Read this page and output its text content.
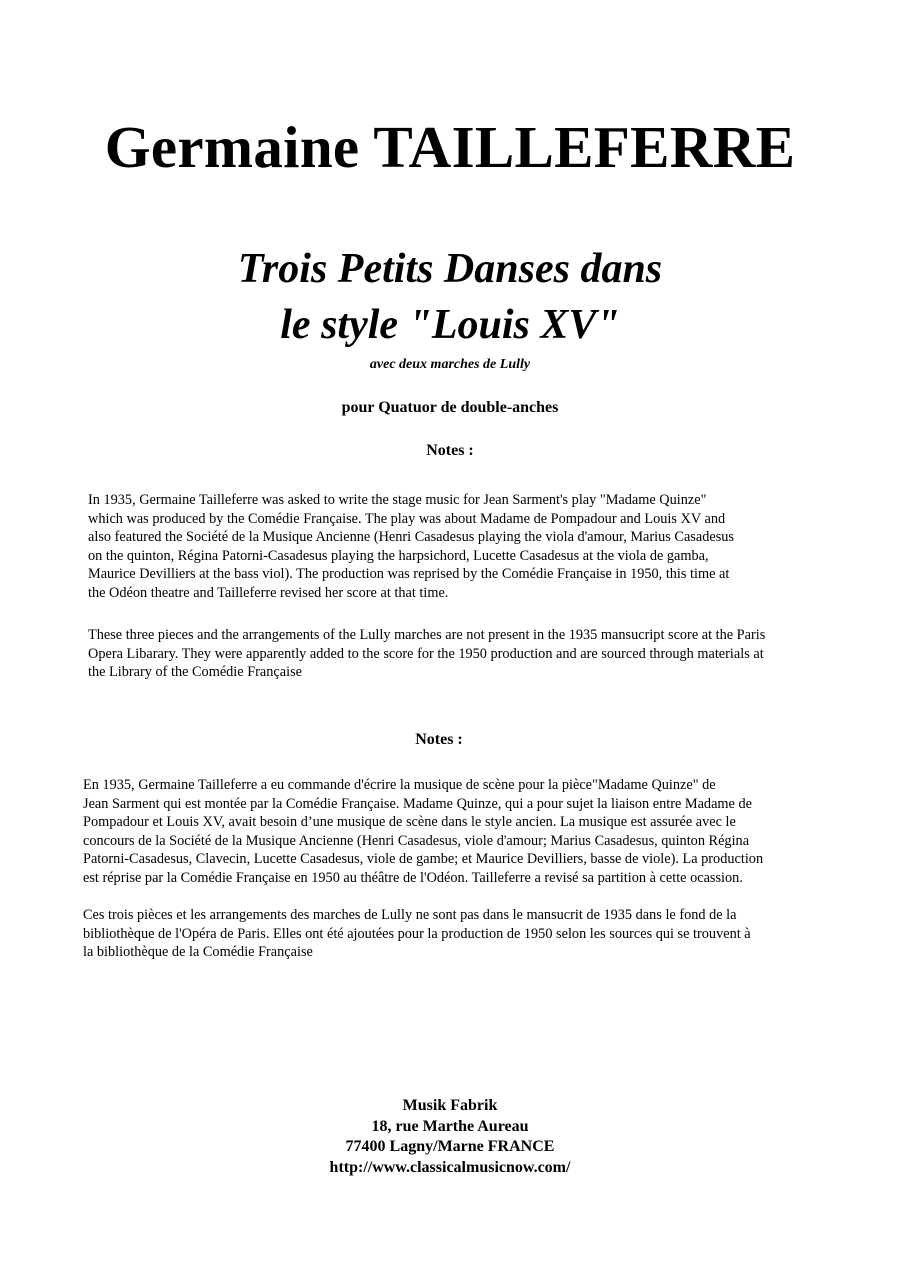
Germaine TAILLEFERRE
Trois Petits Danses dans
le style "Louis XV"
avec deux marches de Lully
pour Quatuor de double-anches
Notes :
In 1935, Germaine Tailleferre was asked to write the stage music for Jean Sarment's play "Madame Quinze"
which was produced by the Comédie Française. The play was about Madame de Pompadour and Louis XV and
also featured the Société de la Musique Ancienne (Henri Casadesus playing the viola d'amour, Marius Casadesus
on the quinton, Régina Patorni-Casadesus playing the harpsichord, Lucette Casadesus at the viola de gamba,
Maurice Devilliers at the bass viol). The production was reprised by the Comédie Française in 1950, this time at
the Odéon theatre and Tailleferre revised her score at that time.
These three pieces and the arrangements of the Lully marches are not present in the 1935 mansucript score at the Paris
Opera Libarary. They were apparently added to the score for the 1950 production and are sourced through materials at
the Library of the Comédie Française
Notes :
En 1935, Germaine Tailleferre a eu commande d'écrire la musique de scène pour la pièce"Madame Quinze" de
Jean Sarment qui est montée par la Comédie Française. Madame Quinze, qui a pour sujet la liaison entre Madame de
Pompadour et Louis XV, avait besoin d’une musique de scène dans le style ancien. La musique est assurée avec le
concours de la Société de la Musique Ancienne (Henri Casadesus, viole d'amour; Marius Casadesus, quinton Régina
Patorni-Casadesus, Clavecin, Lucette Casadesus, viole de gambe; et Maurice Devilliers, basse de viole). La production
est réprise par la Comédie Française en 1950 au théâtre de l'Odéon. Tailleferre a revisé sa partition à cette ocassion.
Ces trois pièces et les arrangements des marches de Lully ne sont pas dans le mansucrit de 1935 dans le fond de la
bibliothèque de l'Opéra de Paris. Elles ont été ajoutées pour la production de 1950 selon les sources qui se trouvent à
la bibliothèque de la Comédie Française
Musik Fabrik
18, rue Marthe Aureau
77400 Lagny/Marne FRANCE
http://www.classicalmusicnow.com/
